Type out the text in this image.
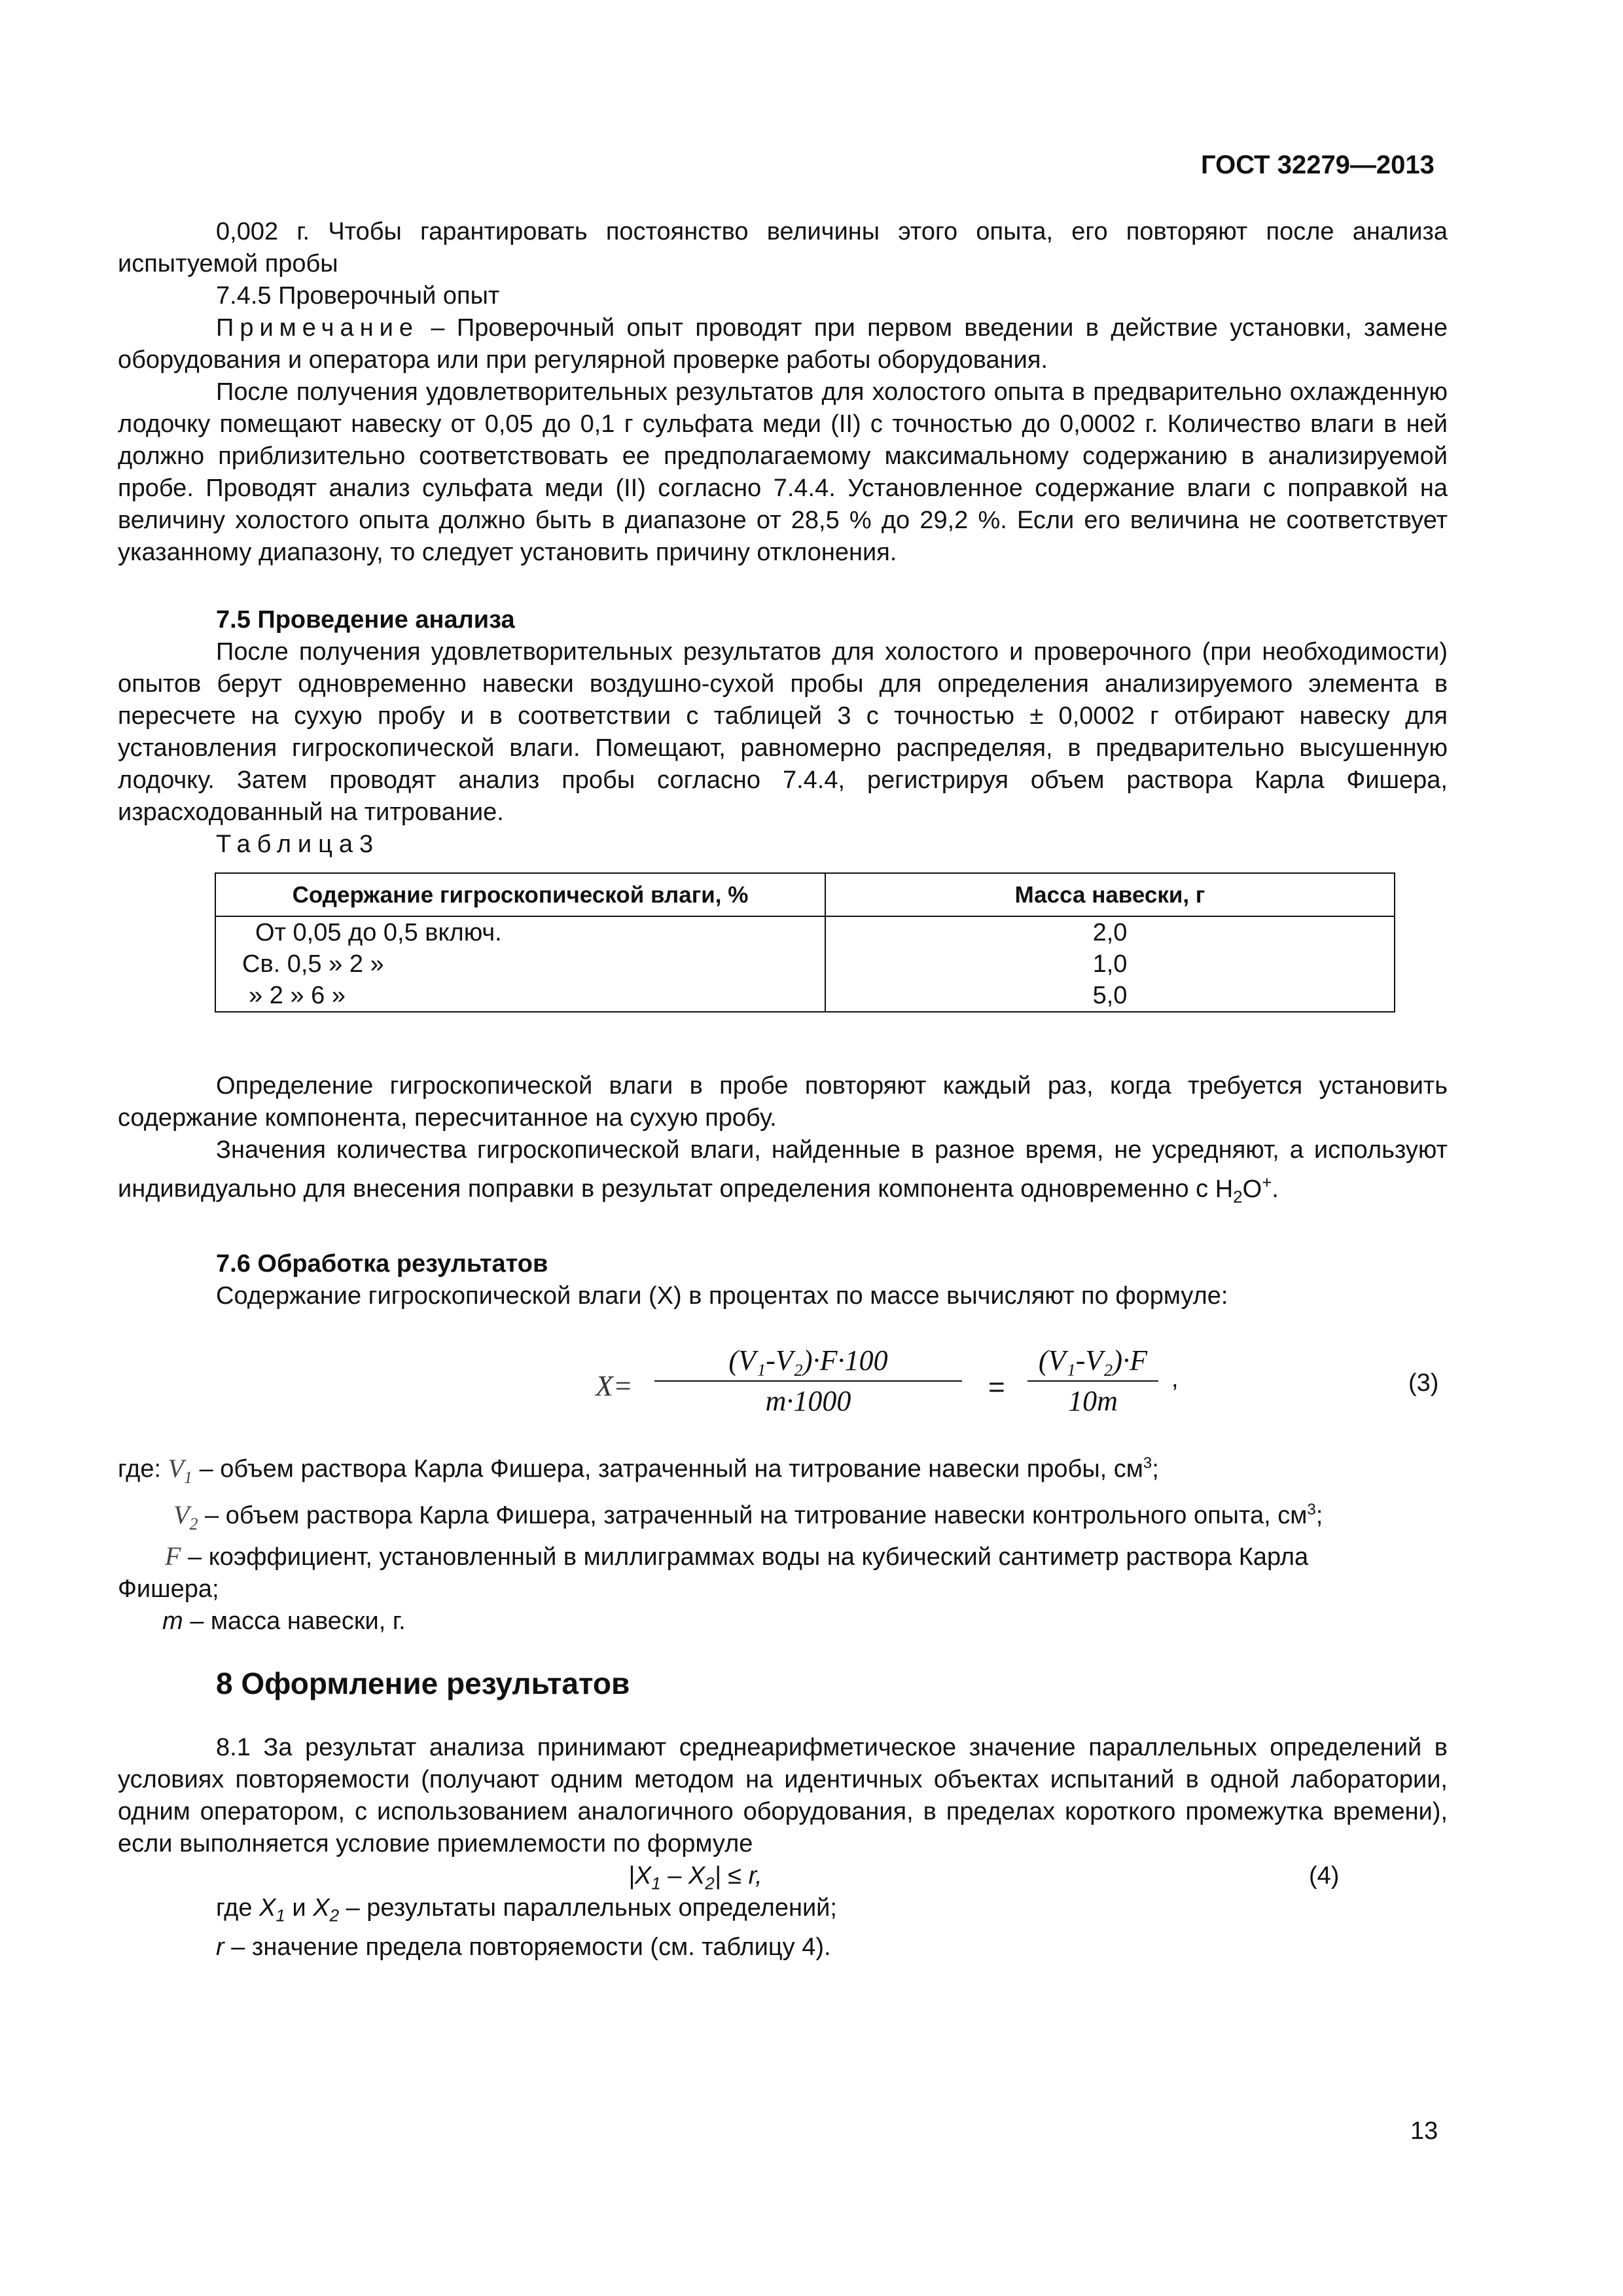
ГОСТ 32279—2013

0,002 г. Чтобы гарантировать постоянство величины этого опыта, его повторяют после анализа испытуемой пробы

7.4.5 Проверочный опыт

Примечание – Проверочный опыт проводят при первом введении в действие установки, замене оборудования и оператора или при регулярной проверке работы оборудования.

После получения удовлетворительных результатов для холостого опыта в предварительно охлажденную лодочку помещают навеску от 0,05 до 0,1 г сульфата меди (II) с точностью до 0,0002 г. Количество влаги в ней должно приблизительно соответствовать ее предполагаемому максимальному содержанию в анализируемой пробе. Проводят анализ сульфата меди (II) согласно 7.4.4. Установленное содержание влаги с поправкой на величину холостого опыта должно быть в диапазоне от 28,5 % до 29,2 %. Если его величина не соответствует указанному диапазону, то следует установить причину отклонения.

7.5 Проведение анализа

После получения удовлетворительных результатов для холостого и проверочного (при необходимости) опытов берут одновременно навески воздушно-сухой пробы для определения анализируемого элемента в пересчете на сухую пробу и в соответствии с таблицей 3 с точностью ± 0,0002 г отбирают навеску для установления гигроскопической влаги. Помещают, равномерно распределяя, в предварительно высушенную лодочку. Затем проводят анализ пробы согласно 7.4.4, регистрируя объем раствора Карла Фишера, израсходованный на титрование.

Таблица3

Содержание гигроскопической влаги, %	Масса навески, г
От 0,05 до 0,5 включ.	2,0
Св. 0,5 » 2 »	1,0
» 2 » 6 »	5,0

Определение гигроскопической влаги в пробе повторяют каждый раз, когда требуется установить содержание компонента, пересчитанное на сухую пробу.

Значения количества гигроскопической влаги, найденные в разное время, не усредняют, а используют индивидуально для внесения поправки в результат определения компонента одновременно с $H_2O^+$.

7.6 Обработка результатов

Содержание гигроскопической влаги (X) в процентах по массе вычисляют по формуле:

X=
(V₁-V₂)·F·100
m·1000	=
(V₁-V₂)·F
10m
,	(3)

где: $V_1$ – объем раствора Карла Фишера, затраченный на титрование навески пробы, $см^3$;

$V_2$ – объем раствора Карла Фишера, затраченный на титрование навески контрольного опыта, $см^3$;

F – коэффициент, установленный в миллиграммах воды на кубический сантиметр раствора Карла

Фишера;

m – масса навески, г.

8 Оформление результатов

8.1 За результат анализа принимают среднеарифметическое значение параллельных определений в условиях повторяемости (получают одним методом на идентичных объектах испытаний в одной лаборатории, одним оператором, с использованием аналогичного оборудования, в пределах короткого промежутка времени), если выполняется условие приемлемости по формуле

$|X_1 - X_2| \le r$,	(4)

где $X_1$ и $X_2$ – результаты параллельных определений;

r – значение предела повторяемости (см. таблицу 4).

13
